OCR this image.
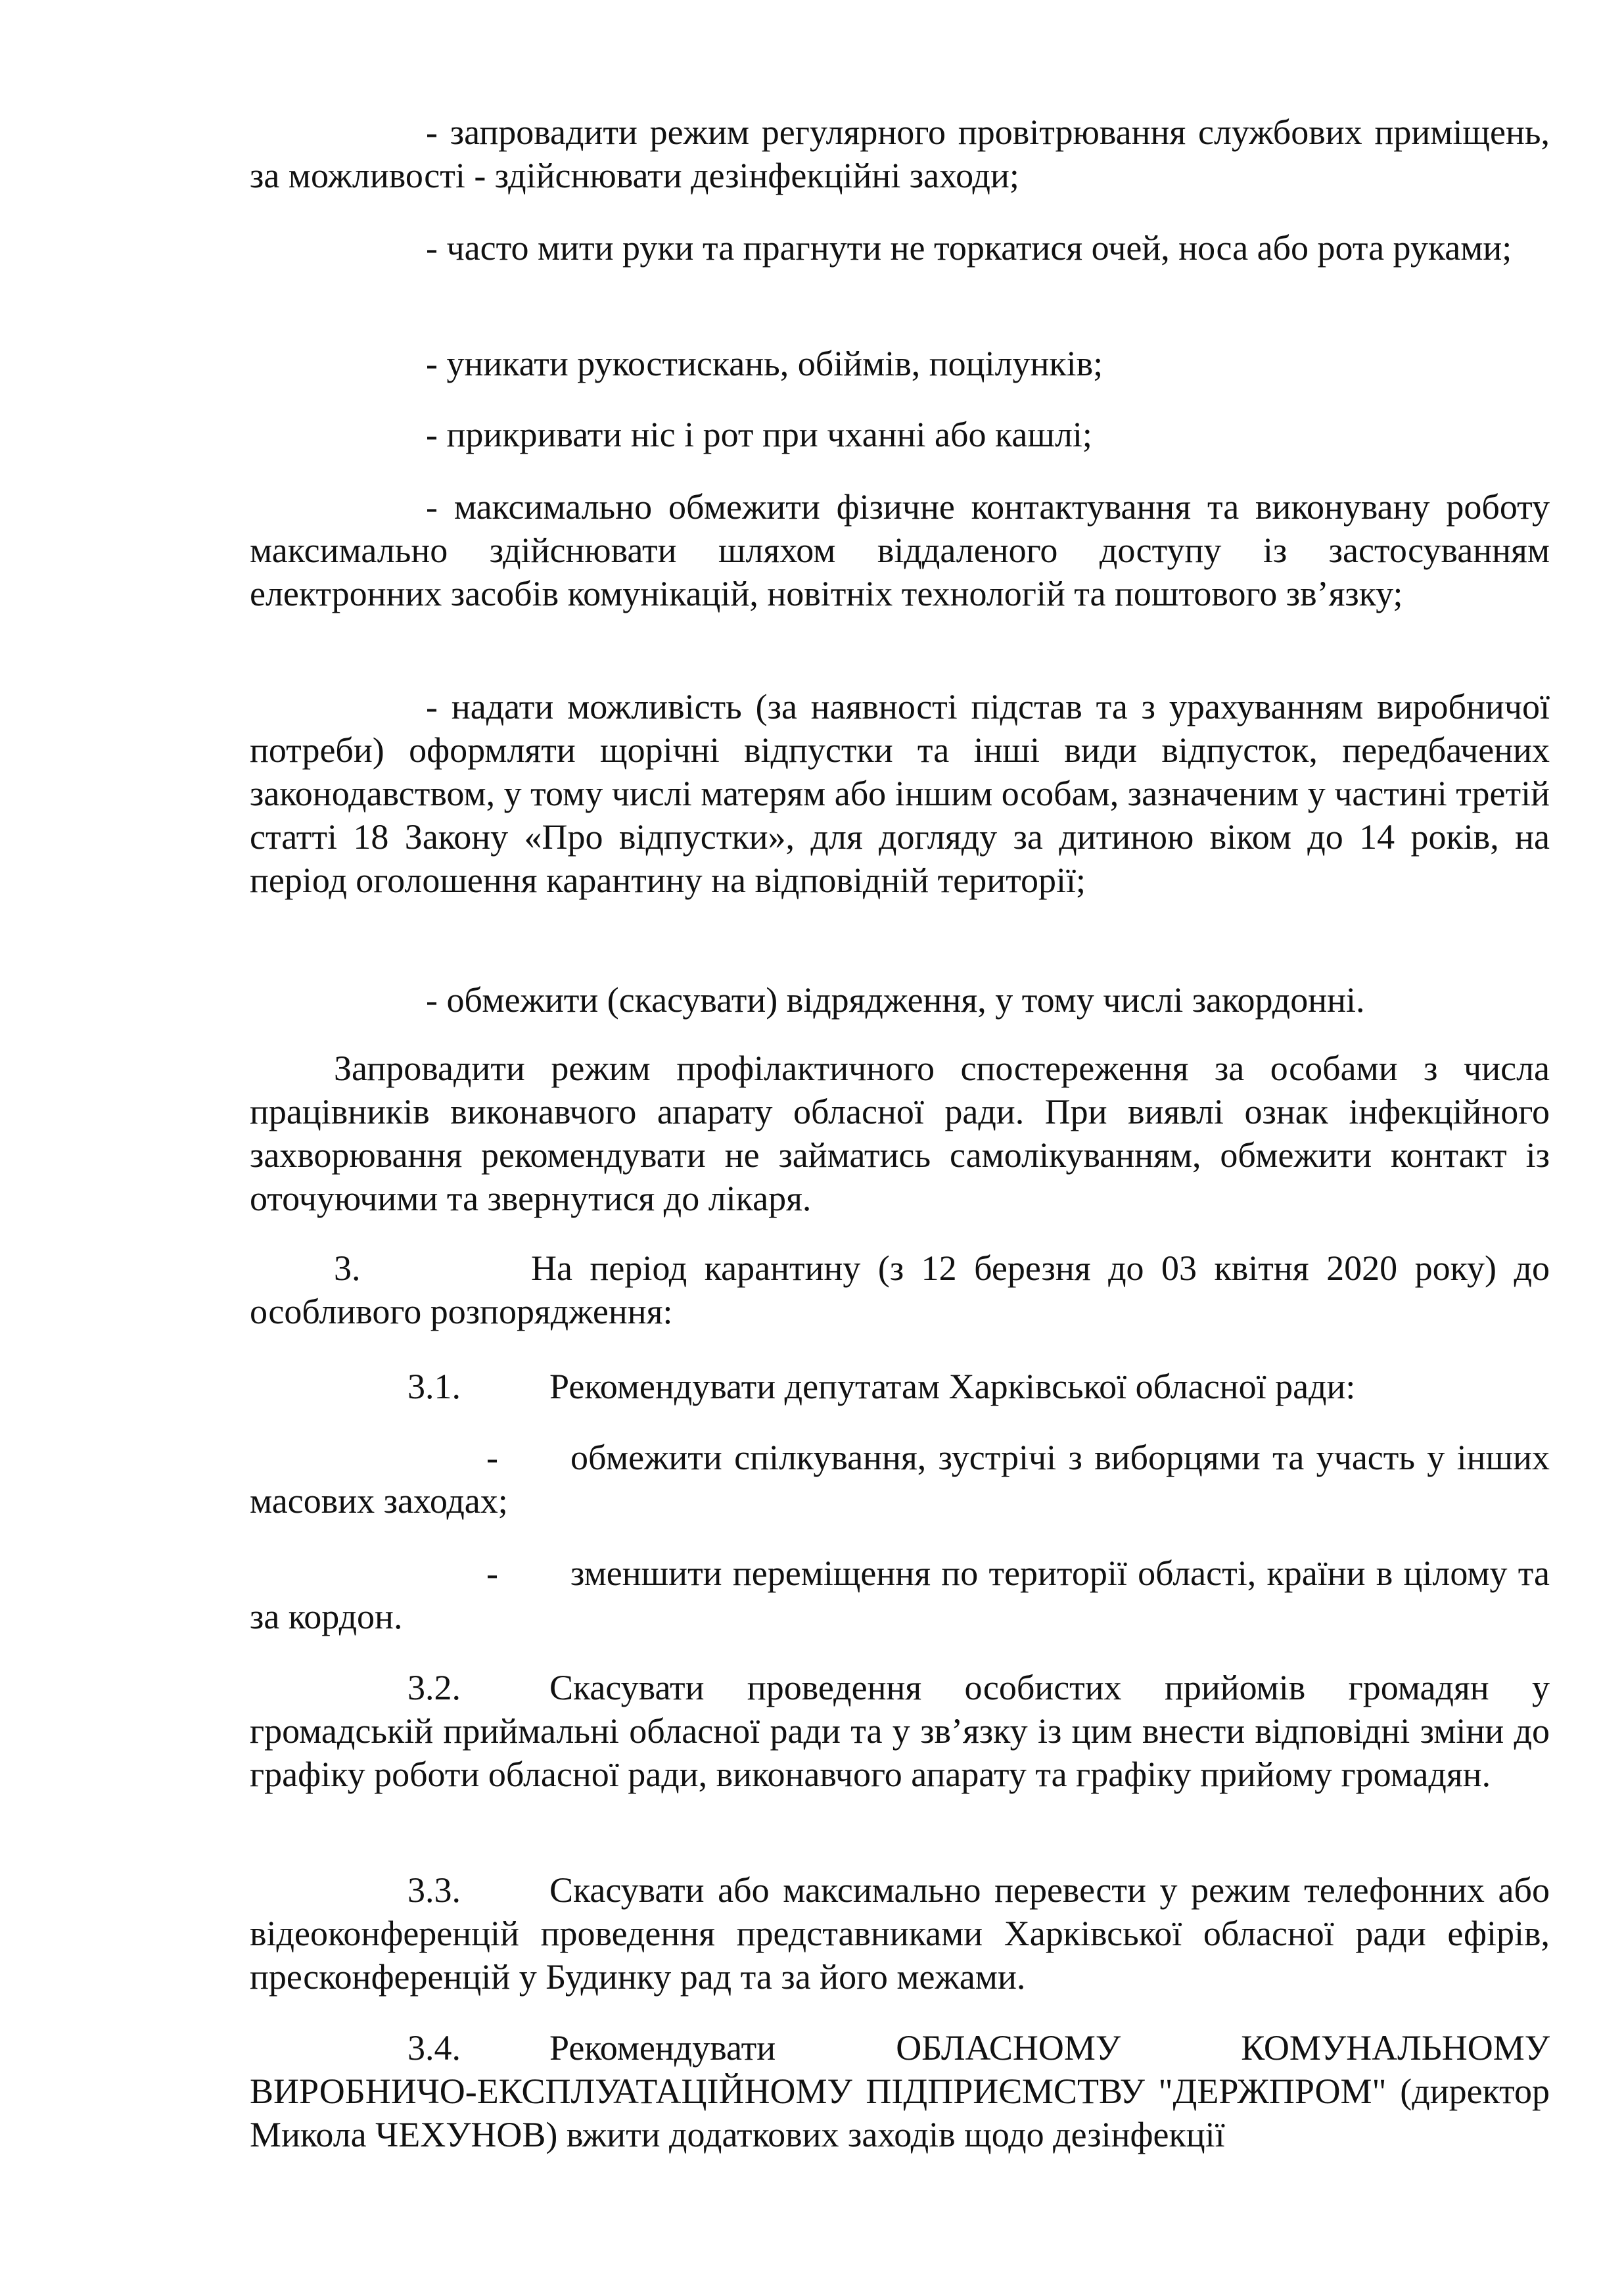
- запровадити режим регулярного провітрювання службових приміщень, за можливості - здійснювати дезінфекційні заходи;

- часто мити руки та прагнути не торкатися очей, носа або рота руками;

- уникати рукостискань, обіймів, поцілунків;

- прикривати ніс і рот при чханні або кашлі;

- максимально обмежити фізичне контактування та виконувану роботу максимально здійснювати шляхом віддаленого доступу із застосуванням електронних засобів комунікацій, новітніх технологій та поштового зв’язку;

- надати можливість (за наявності підстав та з урахуванням виробничої потреби) оформляти щорічні відпустки та інші види відпусток, передбачених законодавством, у тому числі матерям або іншим особам, зазначеним у частині третій статті 18 Закону «Про відпустки», для догляду за дитиною віком до 14 років, на період оголошення карантину на відповідній території;

- обмежити (скасувати) відрядження, у тому числі закордонні.

Запровадити режим профілактичного спостереження за особами з числа працівників виконавчого апарату обласної ради. При виявлі ознак інфекційного захворювання рекомендувати не займатись самолікуванням, обмежити контакт із оточуючими та звернутися до лікаря.

3.	На період карантину (з 12 березня до 03 квітня 2020 року) до особливого розпорядження:

3.1.	Рекомендувати депутатам Харківської обласної ради:

- обмежити спілкування, зустрічі з виборцями та участь у інших масових заходах;

- зменшити переміщення по території області, країни в цілому та за кордон.

3.2.	Скасувати проведення особистих прийомів громадян у громадській приймальні обласної ради та у зв’язку із цим внести відповідні зміни до графіку роботи обласної ради, виконавчого апарату та графіку прийому громадян.

3.3.	Скасувати або максимально перевести у режим телефонних або відеоконференцій проведення представниками Харківської обласної ради ефірів, пресконференцій у Будинку рад та за його межами.

3.4.	Рекомендувати ОБЛАСНОМУ КОМУНАЛЬНОМУ ВИРОБНИЧО-ЕКСПЛУАТАЦІЙНОМУ ПІДПРИЄМСТВУ "ДЕРЖПРОМ" (директор Микола ЧЕХУНОВ) вжити додаткових заходів щодо дезінфекції
